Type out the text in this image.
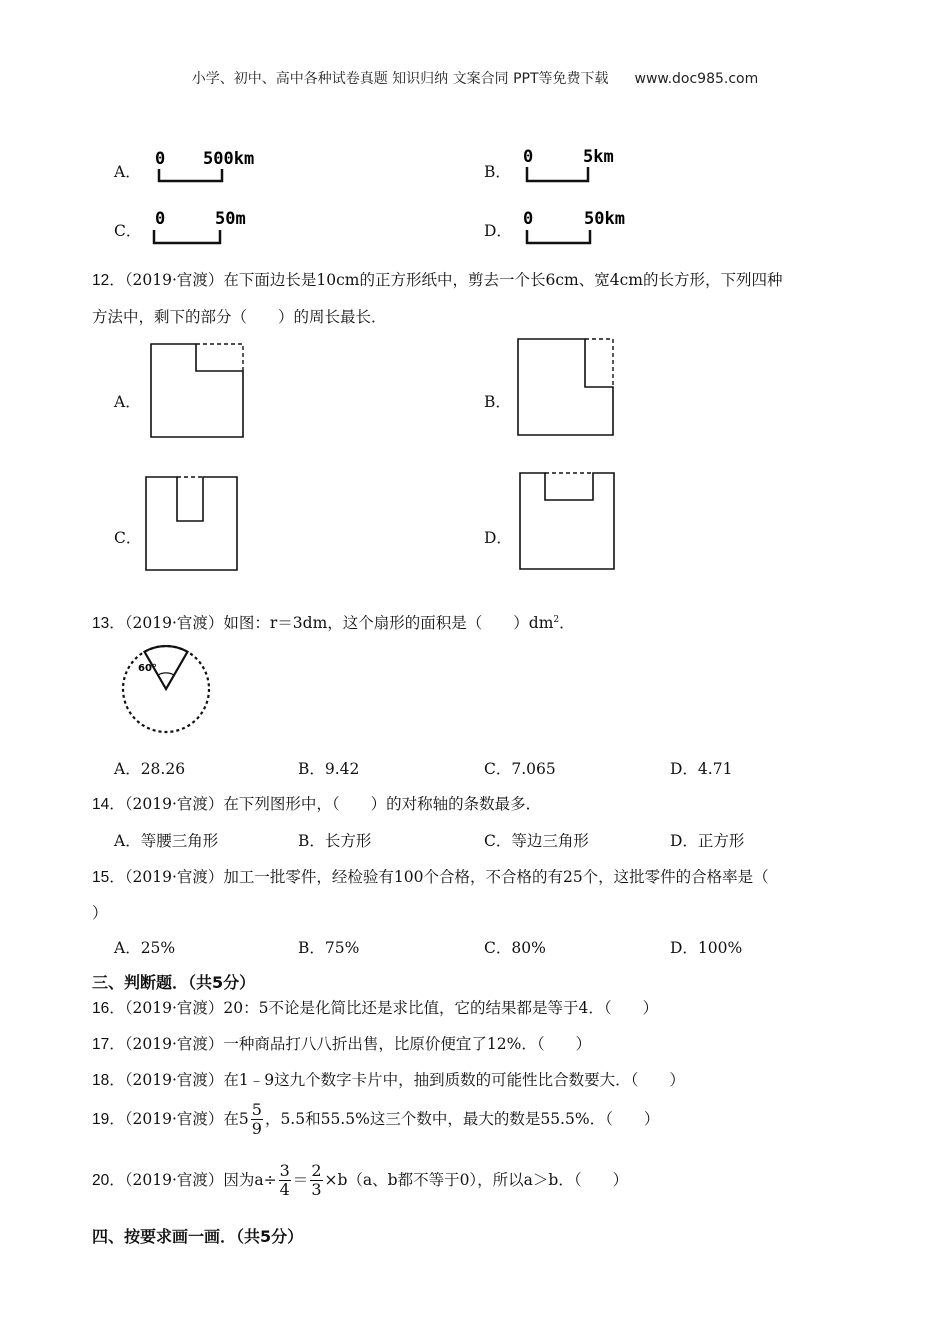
小学、初中、高中各种试卷真题 知识归纳 文案合同 PPT等免费下载 www.doc985.com
A．
0 500km
B．
0	5km
C．
0	50m
D．
0	50km
12．（2019·官渡）在下面边长是10cm的正方形纸中，剪去一个长6cm、宽4cm的长方形，下列四种
方法中，剩下的部分（　　）的周长最长．
A．	B．
C．	D．
13．（2019·官渡）如图：r＝3dm，这个扇形的面积是（　　）$dm^2$．
60°
A．28.26	B．9.42	C．7.065	D．4.71
14．（2019·官渡）在下列图形中，（　　）的对称轴的条数最多．
A．等腰三角形	B．长方形	C．等边三角形	D．正方形
15．（2019·官渡）加工一批零件，经检验有100个合格，不合格的有25个，这批零件的合格率是（
）
A．25%	B．75%	C．80%	D．100%
三、判断题．（共5分）
16．（2019·官渡）20：5不论是化简比还是求比值，它的结果都是等于4．（　　）
17．（2019·官渡）一种商品打八八折出售，比原价便宜了12%．（　　）
18．（2019·官渡）在1﹣9这九个数字卡片中，抽到质数的可能性比合数要大．（　　）
19．（2019·官渡）在$5 \frac{5}{9}$ ，5.5和55.5%这三个数中，最大的数是55.5%．（　　）
20．（2019·官渡）因为$a\div \frac{3}{4} = \frac{2}{3} \times b(a$、b都不等于0），所以a＞b．（　　）
四、按要求画一画．（共5分）
